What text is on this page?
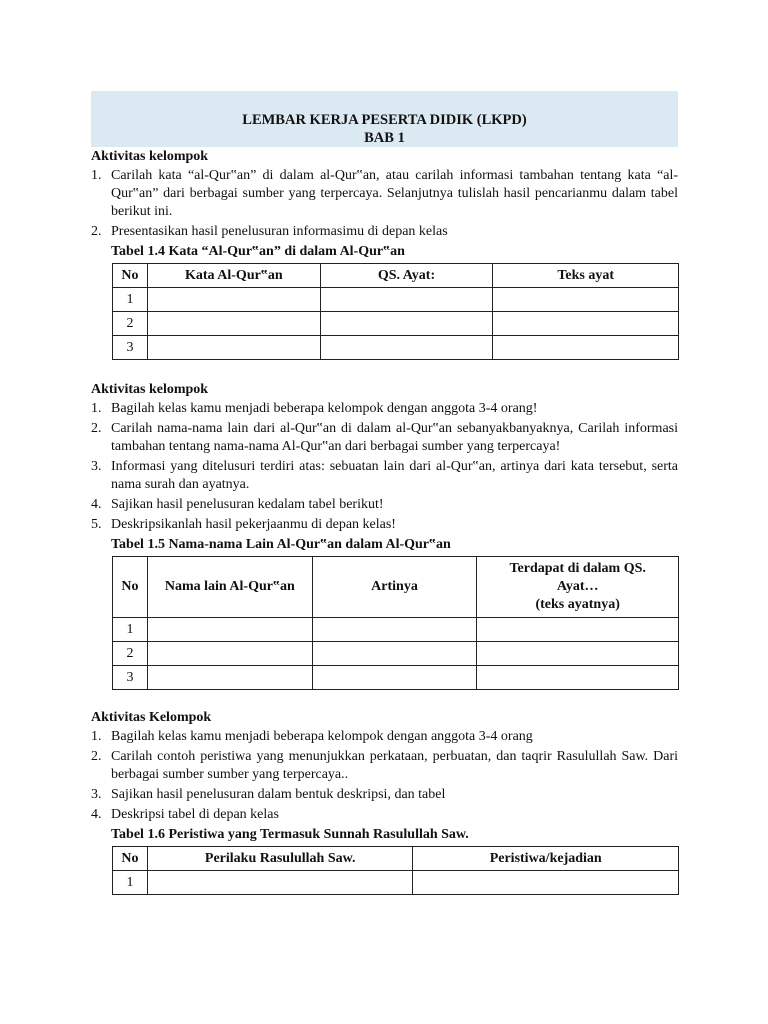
LEMBAR KERJA PESERTA DIDIK (LKPD)
BAB 1

Aktivitas kelompok

1. Carilah kata “al-Qur‟an” di dalam al-Qur‟an, atau carilah informasi tambahan tentang kata “al-Qur‟an” dari berbagai sumber yang terpercaya. Selanjutnya tulislah hasil pencarianmu dalam tabel berikut ini.
2. Presentasikan hasil penelusuran informasimu di depan kelas

Tabel 1.4 Kata “Al-Qur‟an” di dalam Al-Qur‟an

No	Kata Al-Qur‟an	QS. Ayat:	Teks ayat
1			
2			
3			

Aktivitas kelompok

1. Bagilah kelas kamu menjadi beberapa kelompok dengan anggota 3-4 orang!
2. Carilah nama-nama lain dari al-Qur‟an di dalam al-Qur‟an sebanyakbanyaknya, Carilah informasi tambahan tentang nama-nama Al-Qur‟an dari berbagai sumber yang terpercaya!
3. Informasi yang ditelusuri terdiri atas: sebuatan lain dari al-Qur‟an, artinya dari kata tersebut, serta nama surah dan ayatnya.
4. Sajikan hasil penelusuran kedalam tabel berikut!
5. Deskripsikanlah hasil pekerjaanmu di depan kelas!

Tabel 1.5 Nama-nama Lain Al-Qur‟an dalam Al-Qur‟an

No	Nama lain Al-Qur‟an	Artinya	Terdapat di dalam QS.
Ayat…
(teks ayatnya)

1			
2			
3			

Aktivitas Kelompok

1. Bagilah kelas kamu menjadi beberapa kelompok dengan anggota 3-4 orang
2. Carilah contoh peristiwa yang menunjukkan perkataan, perbuatan, dan taqrir Rasulullah Saw. Dari berbagai sumber sumber yang terpercaya..
3. Sajikan hasil penelusuran dalam bentuk deskripsi, dan tabel
4. Deskripsi tabel di depan kelas

Tabel 1.6 Peristiwa yang Termasuk Sunnah Rasulullah Saw.

No	Perilaku Rasulullah Saw.	Peristiwa/kejadian
1		
